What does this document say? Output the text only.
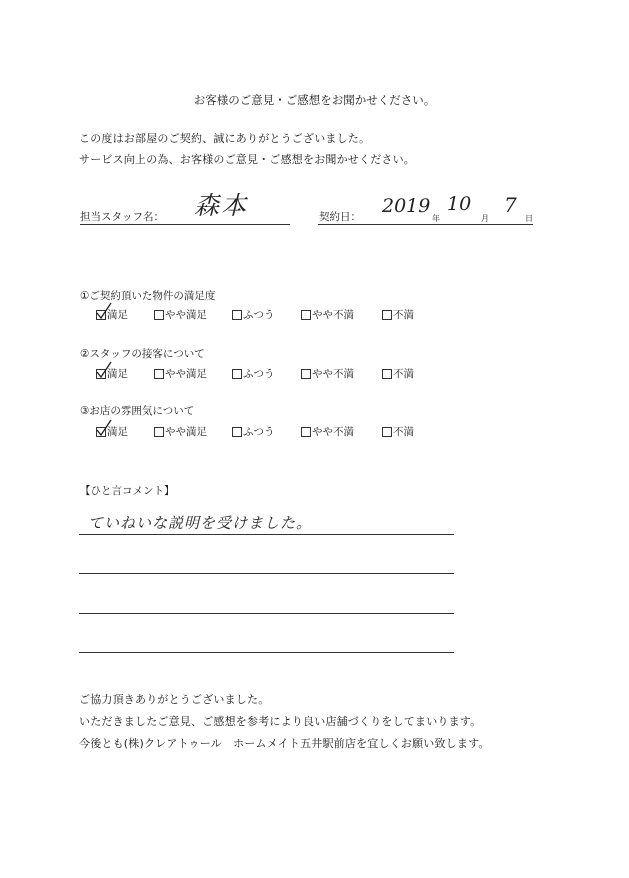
お客様のご意見・ご感想をお聞かせください。
この度はお部屋のご契約、誠にありがとうございました。
サービス向上の為、お客様のご意見・ご感想をお聞かせください。
担当スタッフ名： 森本	契約日： 2019
年
10
月
7
日
①ご契約頂いた物件の満足度
満足	やや満足	ふつう	やや不満	不満
②スタッフの接客について
満足	やや満足	ふつう	やや不満	不満
③お店の雰囲気について
満足	やや満足	ふつう	やや不満	不満
【ひと言コメント】
ていねいな説明を受けました。
ご協力頂きありがとうございました。
いただきましたご意見、ご感想を参考により良い店舗づくりをしてまいります。
今後とも(株)クレアトゥール　ホームメイト五井駅前店を宜しくお願い致します。
